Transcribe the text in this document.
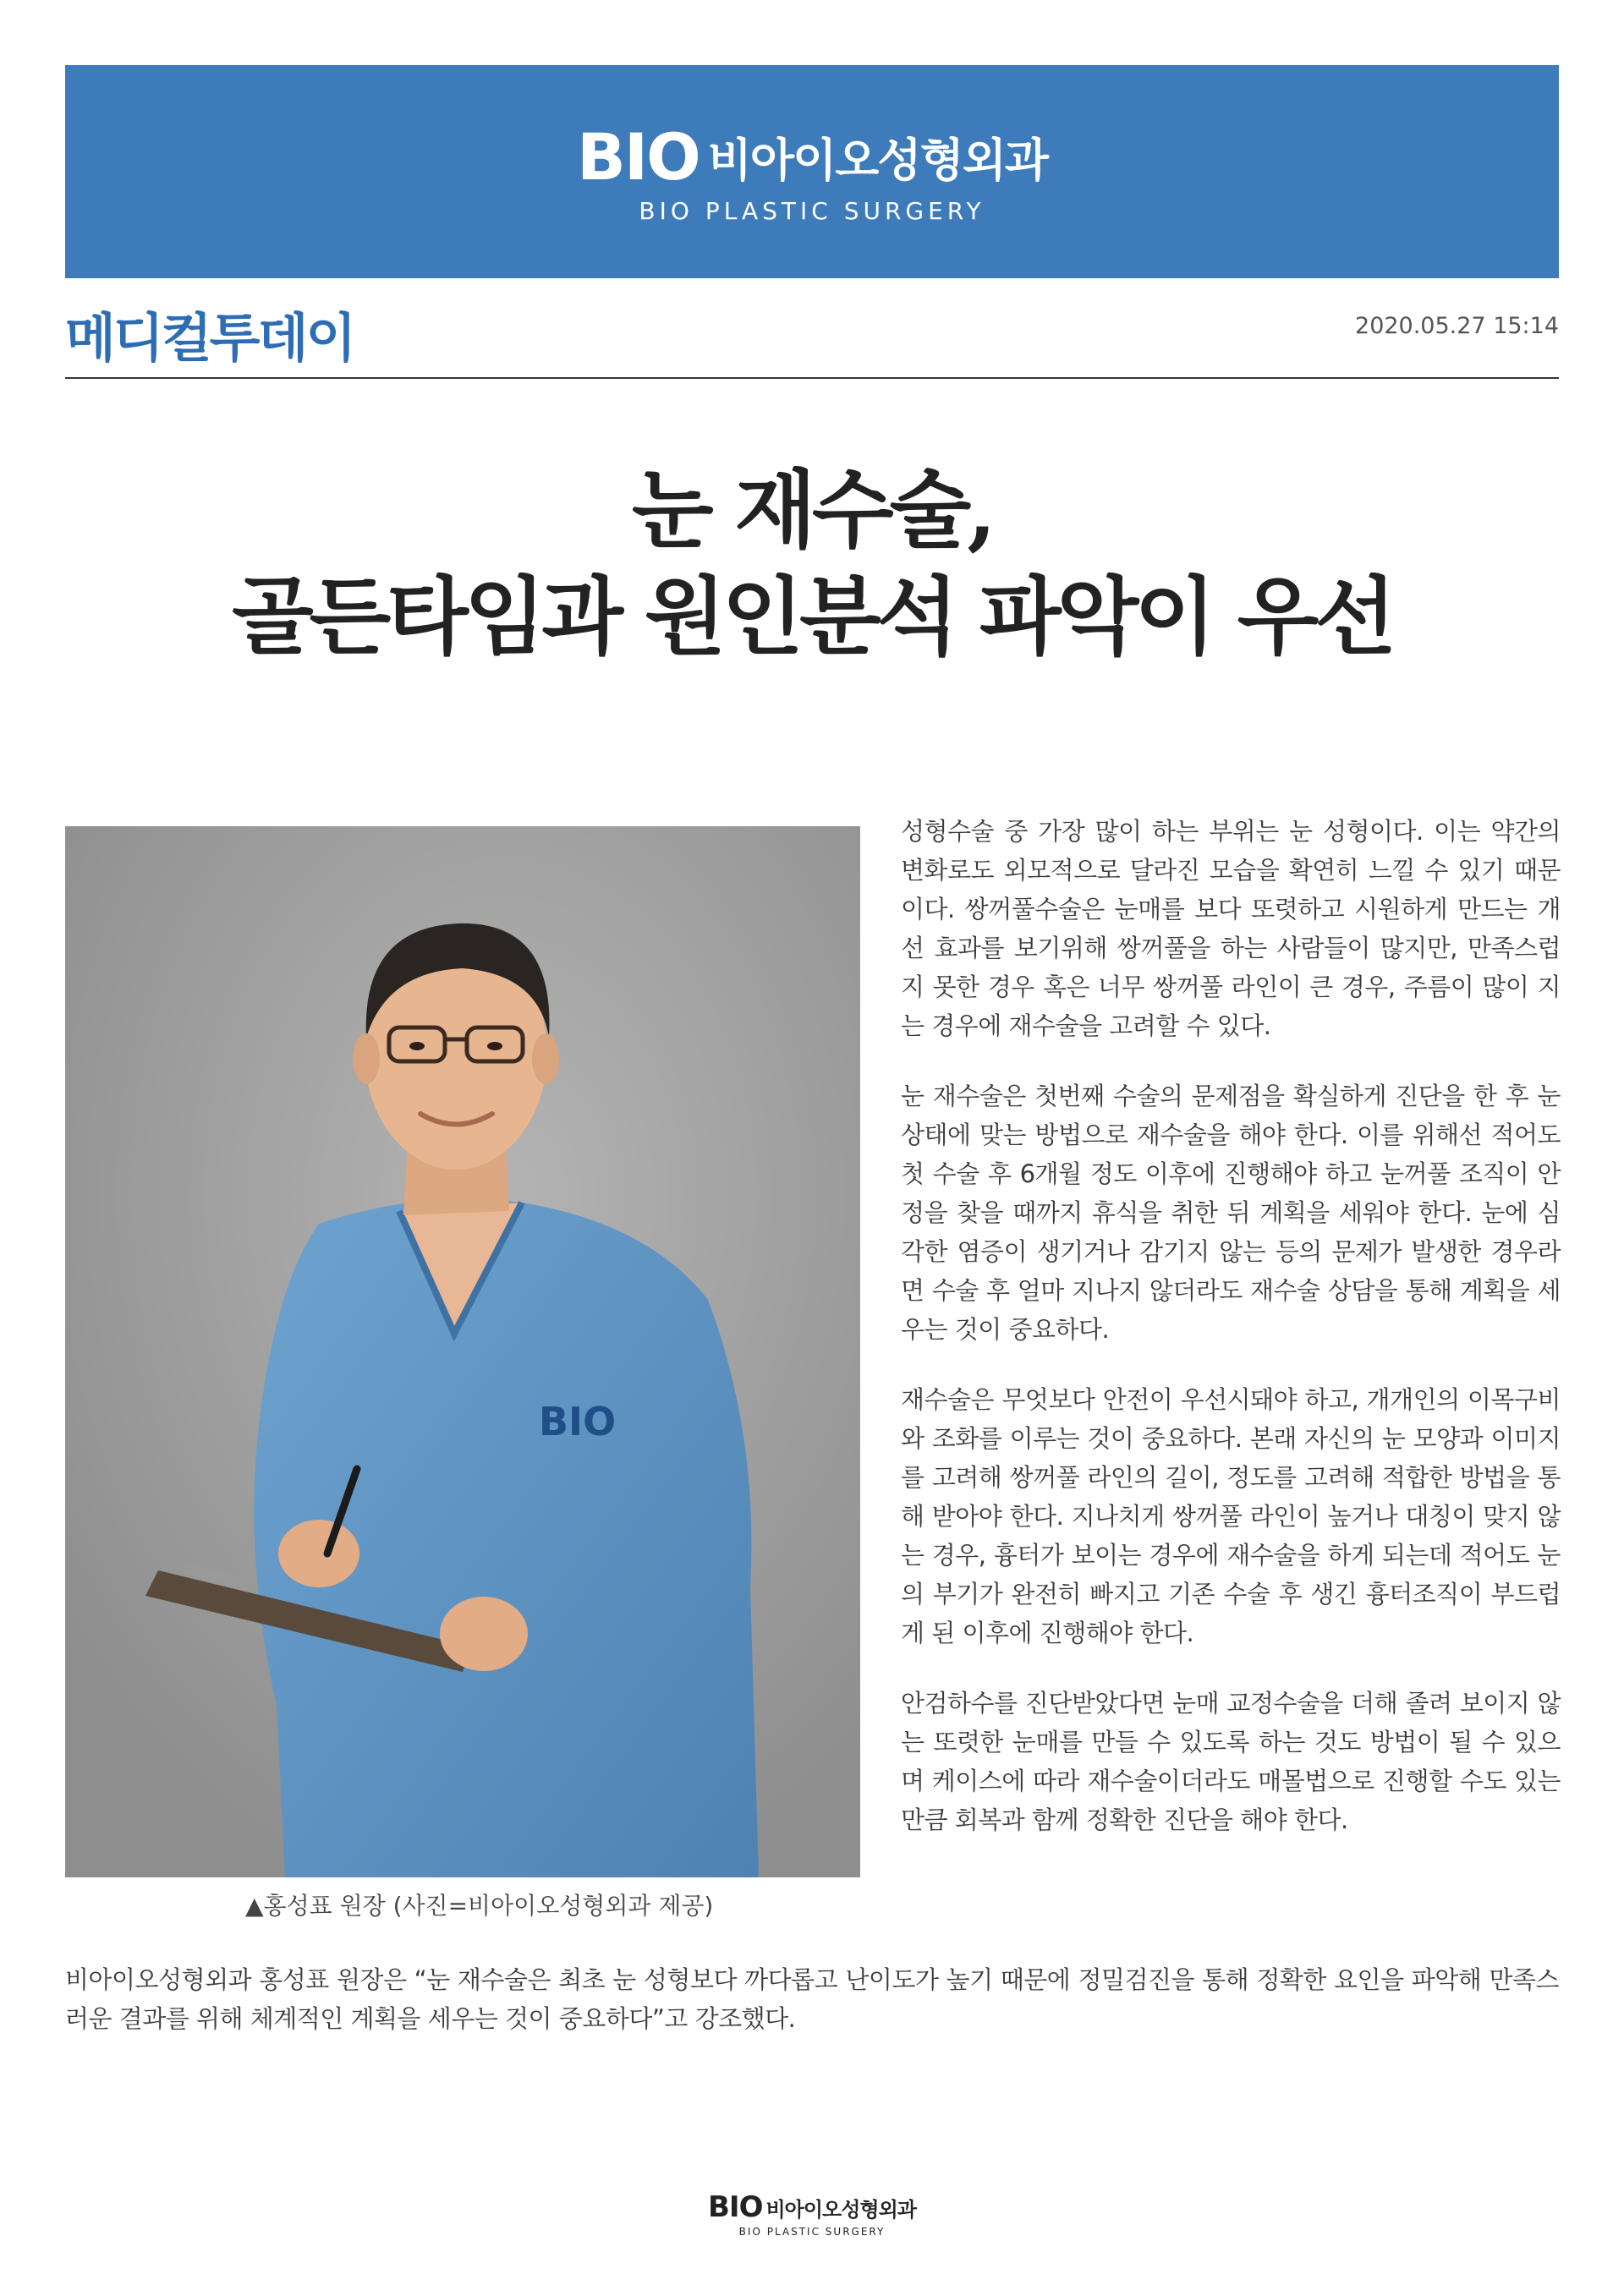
BIO 비아이오성형외과
BIO PLASTIC SURGERY
메디컬투데이	2020.05.27 15:14
눈 재수술,
골든타임과 원인분석 파악이 우선
BIO
▲홍성표 원장 (사진=비아이오성형외과 제공)

성형수술 중 가장 많이 하는 부위는 눈 성형이다. 이는 약간의 변화로도 외모적으로 달라진 모습을 확연히 느낄 수 있기 때문이다. 쌍꺼풀수술은 눈매를 보다 또렷하고 시원하게 만드는 개선 효과를 보기위해 쌍꺼풀을 하는 사람들이 많지만, 만족스럽지 못한 경우 혹은 너무 쌍꺼풀 라인이 큰 경우, 주름이 많이 지는 경우에 재수술을 고려할 수 있다.

눈 재수술은 첫번째 수술의 문제점을 확실하게 진단을 한 후 눈 상태에 맞는 방법으로 재수술을 해야 한다. 이를 위해선 적어도 첫 수술 후 6개월 정도 이후에 진행해야 하고 눈꺼풀 조직이 안정을 찾을 때까지 휴식을 취한 뒤 계획을 세워야 한다. 눈에 심각한 염증이 생기거나 감기지 않는 등의 문제가 발생한 경우라면 수술 후 얼마 지나지 않더라도 재수술 상담을 통해 계획을 세우는 것이 중요하다.

재수술은 무엇보다 안전이 우선시돼야 하고, 개개인의 이목구비와 조화를 이루는 것이 중요하다. 본래 자신의 눈 모양과 이미지를 고려해 쌍꺼풀 라인의 길이, 정도를 고려해 적합한 방법을 통해 받아야 한다. 지나치게 쌍꺼풀 라인이 높거나 대칭이 맞지 않는 경우, 흉터가 보이는 경우에 재수술을 하게 되는데 적어도 눈의 부기가 완전히 빠지고 기존 수술 후 생긴 흉터조직이 부드럽게 된 이후에 진행해야 한다.

안검하수를 진단받았다면 눈매 교정수술을 더해 졸려 보이지 않는 또렷한 눈매를 만들 수 있도록 하는 것도 방법이 될 수 있으며 케이스에 따라 재수술이더라도 매몰법으로 진행할 수도 있는 만큼 회복과 함께 정확한 진단을 해야 한다.

비아이오성형외과 홍성표 원장은 “눈 재수술은 최초 눈 성형보다 까다롭고 난이도가 높기 때문에 정밀검진을 통해 정확한 요인을 파악해 만족스러운 결과를 위해 체계적인 계획을 세우는 것이 중요하다”고 강조했다.
BIO 비아이오성형외과
BIO PLASTIC SURGERY
